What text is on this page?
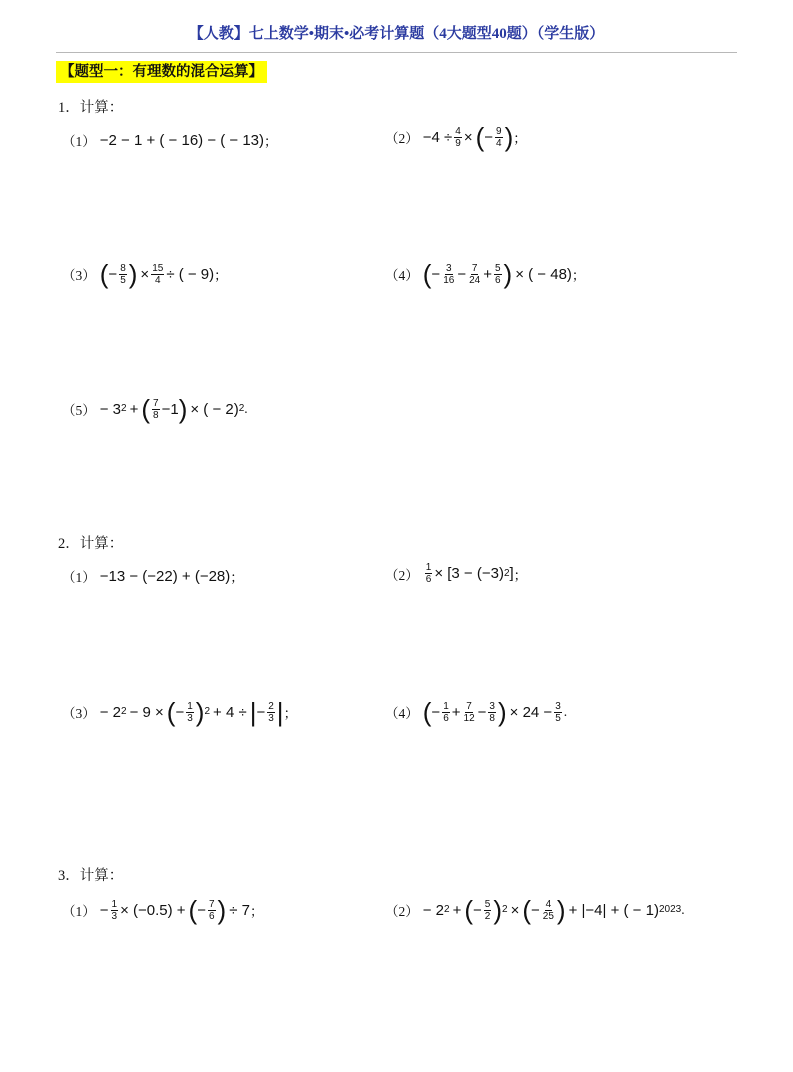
【人教】七上数学•期末•必考计算题（4大题型40题）（学生版）
【题型一：有理数的混合运算】
1．计算：
（1） −2 − 1 + ( − 16) − ( − 13) ；	$(2) -4 \div \frac{4}{9}$ × ( − $\frac{9}{4}$ ) ；
（3） ( − $\frac{8}{5}$ ) × $\frac{15}{4}$ ÷ ( − 9) ；	（4） ( − $\frac{3}{16} - \frac{7}{24} + \frac{5}{6}$ ) × ( − 48) ；
（5） − 3 2 + ( $\frac{7}{8} -1$ ) × ( − 2) 2 .
2．计算：
（1） −13 − (−22) + (−28) ；	$(2) \frac{1}{6} \times [3 - (-3)$ 2 ] ；
（3） − 2 2 − 9 × ( − $\frac{1}{3}$ ) 2 + 4 ÷ | − $\frac{2}{3}$ | ；	（4） ( − $\frac{1}{6} + \frac{7}{12} - \frac{3}{8}$ ) × $24 - \frac{3}{5}$ .
3．计算：
$(1) - \frac{1}{3} \times (-0.5)$ + ( − $\frac{7}{6}$ ) ÷ 7 ；	（2） − 2 2 + ( − $\frac{5}{2}$ ) 2 × ( − $\frac{4}{25}$ ) + |−4| + ( − 1) 2023 .
